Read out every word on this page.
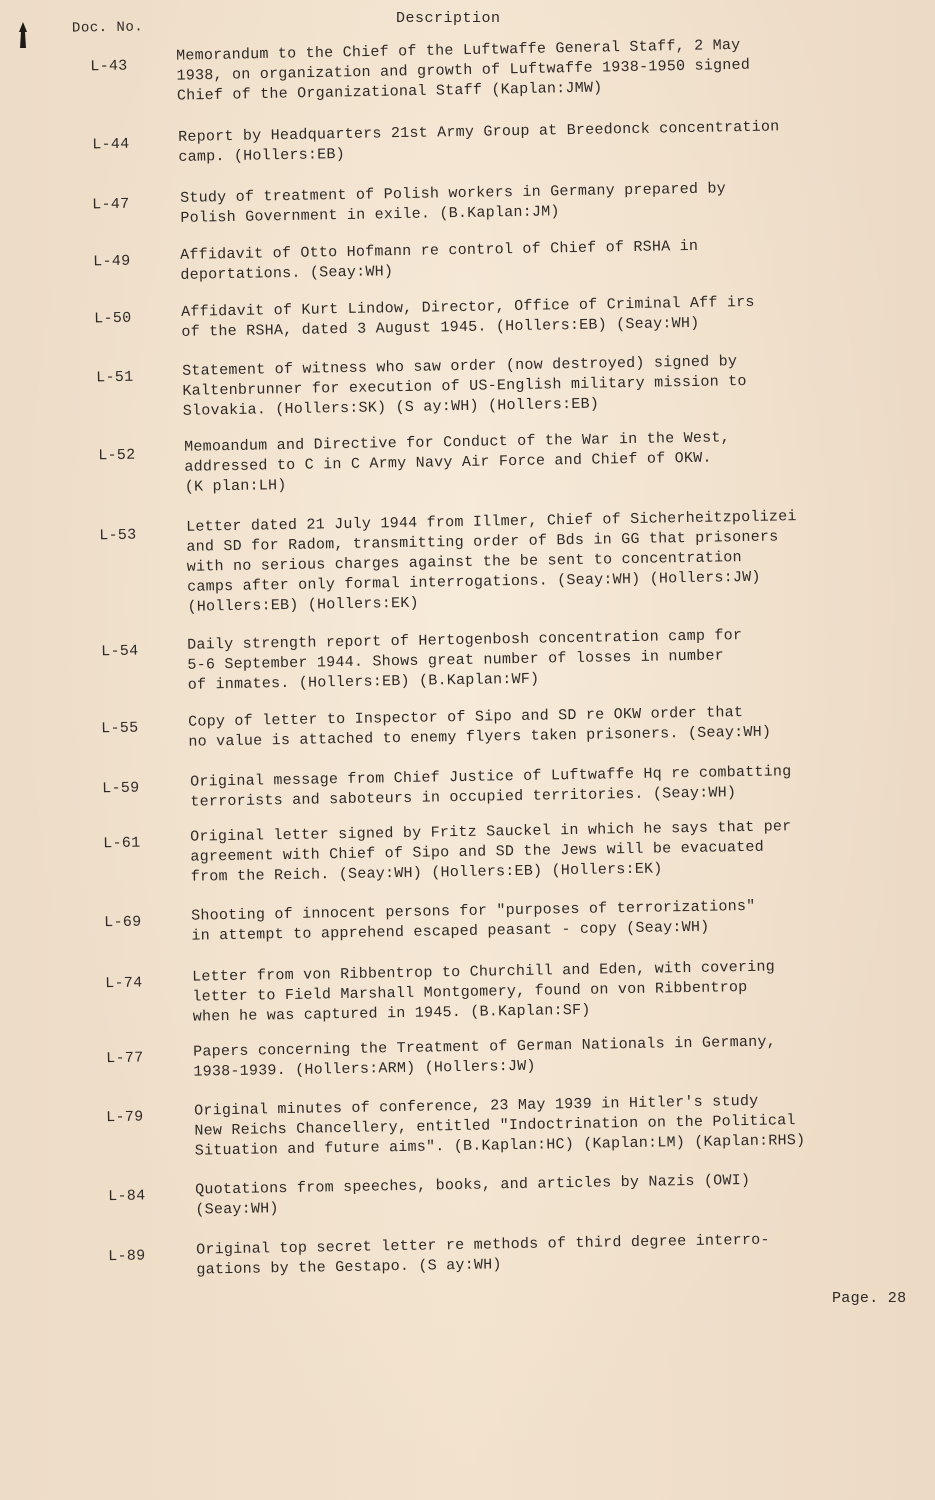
Doc. No.
Description
L-43
Memorandum to the Chief of the Luftwaffe General Staff, 2 May
1938, on organization and growth of Luftwaffe 1938-1950 signed
Chief of the Organizational Staff (Kaplan:JMW)
L-44	Report by Headquarters 21st Army Group at Breedonck concentration
camp. (Hollers:EB)
L-47	Study of treatment of Polish workers in Germany prepared by
Polish Government in exile. (B.Kaplan:JM)
L-49	Affidavit of Otto Hofmann re control of Chief of RSHA in
deportations. (Seay:WH)
L-50	Affidavit of Kurt Lindow, Director, Office of Criminal Aff irs
of the RSHA, dated 3 August 1945. (Hollers:EB) (Seay:WH)
L-51	Statement of witness who saw order (now destroyed) signed by
Kaltenbrunner for execution of US-English military mission to
Slovakia. (Hollers:SK) (S ay:WH) (Hollers:EB)
L-52	Memoandum and Directive for Conduct of the War in the West,
addressed to C in C Army Navy Air Force and Chief of OKW.
(K plan:LH)
L-53	Letter dated 21 July 1944 from Illmer, Chief of Sicherheitzpolizei
and SD for Radom, transmitting order of Bds in GG that prisoners
with no serious charges against the be sent to concentration
camps after only formal interrogations. (Seay:WH) (Hollers:JW)
(Hollers:EB) (Hollers:EK)
L-54	Daily strength report of Hertogenbosh concentration camp for
5-6 September 1944. Shows great number of losses in number
of inmates. (Hollers:EB) (B.Kaplan:WF)
L-55	Copy of letter to Inspector of Sipo and SD re OKW order that
no value is attached to enemy flyers taken prisoners. (Seay:WH)
L-59	Original message from Chief Justice of Luftwaffe Hq re combatting
terrorists and saboteurs in occupied territories. (Seay:WH)
L-61	Original letter signed by Fritz Sauckel in which he says that per
agreement with Chief of Sipo and SD the Jews will be evacuated
from the Reich. (Seay:WH) (Hollers:EB) (Hollers:EK)
L-69	Shooting of innocent persons for "purposes of terrorizations"
in attempt to apprehend escaped peasant - copy (Seay:WH)
L-74	Letter from von Ribbentrop to Churchill and Eden, with covering
letter to Field Marshall Montgomery, found on von Ribbentrop
when he was captured in 1945. (B.Kaplan:SF)
L-77	Papers concerning the Treatment of German Nationals in Germany,
1938-1939. (Hollers:ARM) (Hollers:JW)
L-79	Original minutes of conference, 23 May 1939 in Hitler's study
New Reichs Chancellery, entitled "Indoctrination on the Political
Situation and future aims". (B.Kaplan:HC) (Kaplan:LM) (Kaplan:RHS)
L-84	Quotations from speeches, books, and articles by Nazis (OWI)
(Seay:WH)
L-89	Original top secret letter re methods of third degree interro-
gations by the Gestapo. (S ay:WH)
Page. 28
